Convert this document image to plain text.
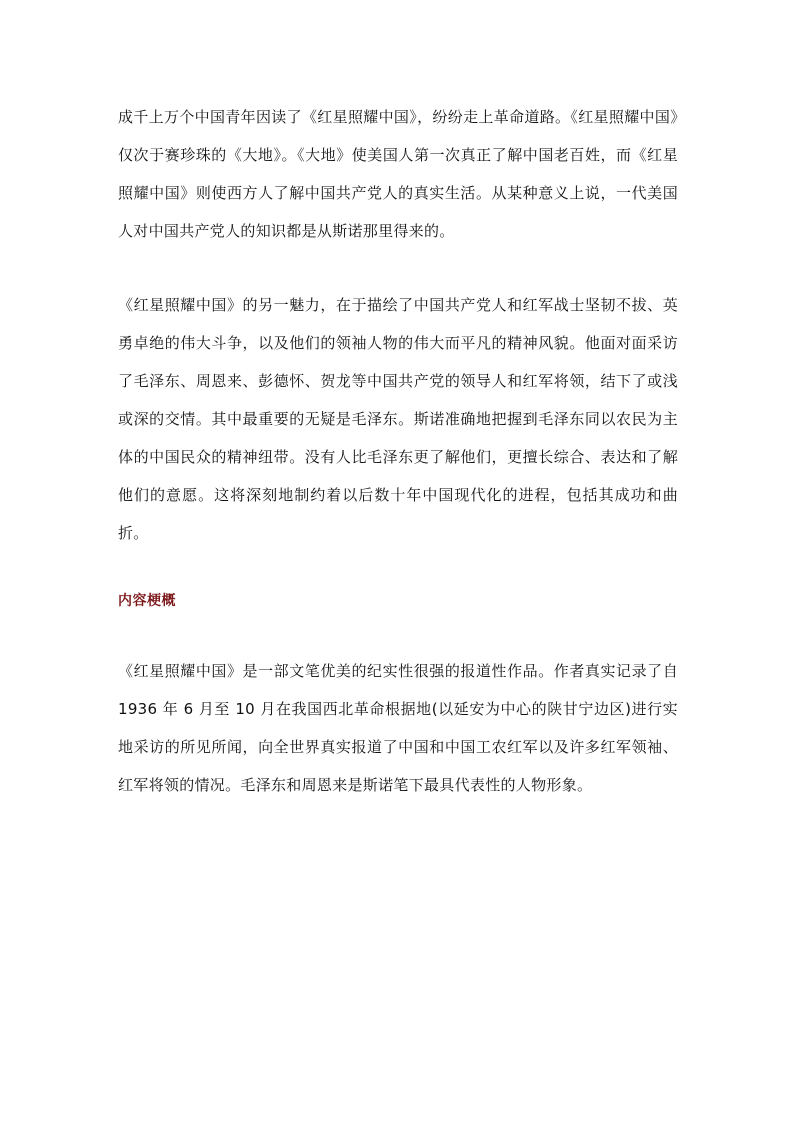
成千上万个中国青年因读了《红星照耀中国》，纷纷走上革命道路。《红星照耀中国》仅次于赛珍珠的《大地》。《大地》使美国人第一次真正了解中国老百姓，而《红星照耀中国》则使西方人了解中国共产党人的真实生活。从某种意义上说，一代美国人对中国共产党人的知识都是从斯诺那里得来的。

《红星照耀中国》的另一魅力，在于描绘了中国共产党人和红军战士坚韧不拔、英勇卓绝的伟大斗争，以及他们的领袖人物的伟大而平凡的精神风貌。他面对面采访了毛泽东、周恩来、彭德怀、贺龙等中国共产党的领导人和红军将领，结下了或浅或深的交情。其中最重要的无疑是毛泽东。斯诺准确地把握到毛泽东同以农民为主体的中国民众的精神纽带。没有人比毛泽东更了解他们，更擅长综合、表达和了解他们的意愿。这将深刻地制约着以后数十年中国现代化的进程，包括其成功和曲折。

内容梗概

《红星照耀中国》是一部文笔优美的纪实性很强的报道性作品。作者真实记录了自 1936 年 6 月至 10 月在我国西北革命根据地(以延安为中心的陕甘宁边区)进行实地采访的所见所闻，向全世界真实报道了中国和中国工农红军以及许多红军领袖、红军将领的情况。毛泽东和周恩来是斯诺笔下最具代表性的人物形象。
